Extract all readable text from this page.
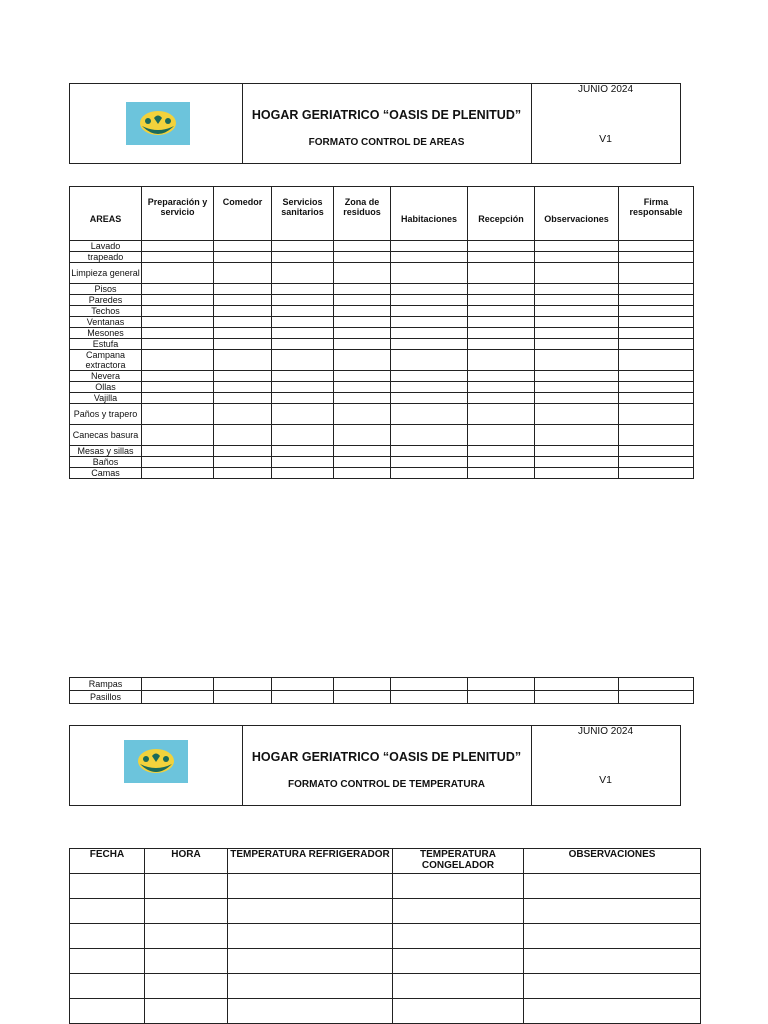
HOGAR GERIATRICO “OASIS DE PLENITUD”
FORMATO CONTROL DE AREAS
JUNIO 2024
V1
AREAS	Preparación y servicio	Comedor	Servicios sanitarios	Zona de residuos	Habitaciones	Recepción	Observaciones	Firma responsable
Lavado								
trapeado								
Limpieza general								
Pisos								
Paredes								
Techos								
Ventanas								
Mesones								
Estufa								
Campana extractora								
Nevera								
Ollas								
Vajilla								
Paños y trapero								
Canecas basura								
Mesas y sillas								
Baños								
Camas								
Rampas								
Pasillos								
HOGAR GERIATRICO “OASIS DE PLENITUD”
FORMATO CONTROL DE TEMPERATURA
JUNIO 2024
V1
FECHA	HORA	TEMPERATURA REFRIGERADOR	TEMPERATURA CONGELADOR	OBSERVACIONES
